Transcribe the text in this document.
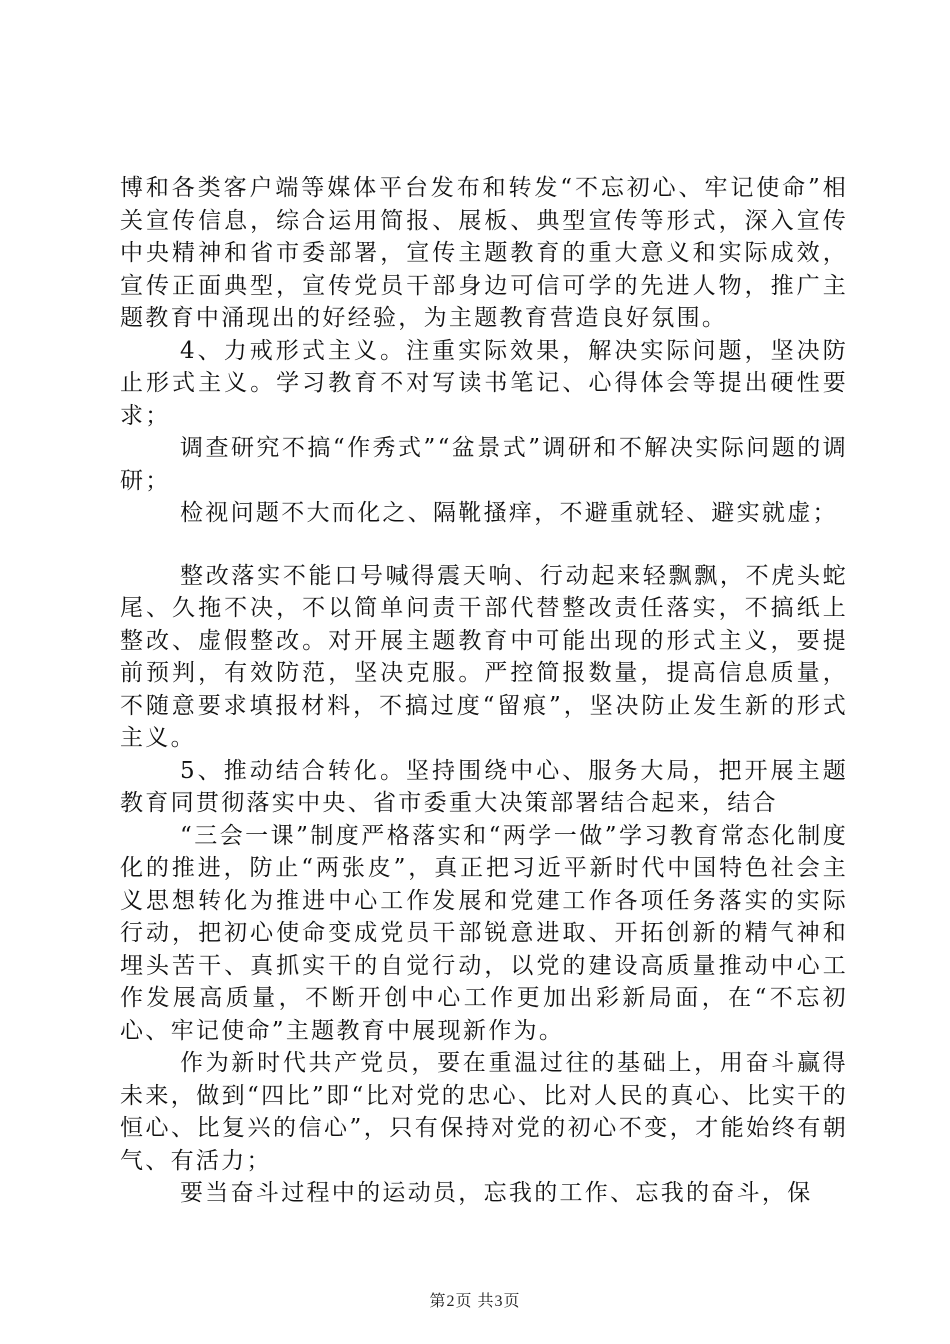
博和各类客户端等媒体平台发布和转发“不忘初心、牢记使命”相关宣传信息，综合运用简报、展板、典型宣传等形式，深入宣传中央精神和省市委部署，宣传主题教育的重大意义和实际成效，宣传正面典型，宣传党员干部身边可信可学的先进人物，推广主题教育中涌现出的好经验，为主题教育营造良好氛围。

4、力戒形式主义。注重实际效果，解决实际问题，坚决防止形式主义。学习教育不对写读书笔记、心得体会等提出硬性要求；

调查研究不搞“作秀式”“盆景式”调研和不解决实际问题的调研；

检视问题不大而化之、隔靴搔痒，不避重就轻、避实就虚；

整改落实不能口号喊得震天响、行动起来轻飘飘，不虎头蛇尾、久拖不决，不以简单问责干部代替整改责任落实，不搞纸上整改、虚假整改。对开展主题教育中可能出现的形式主义，要提前预判，有效防范，坚决克服。严控简报数量，提高信息质量，不随意要求填报材料，不搞过度“留痕”，坚决防止发生新的形式主义。

5、推动结合转化。坚持围绕中心、服务大局，把开展主题教育同贯彻落实中央、省市委重大决策部署结合起来，结合

“三会一课”制度严格落实和“两学一做”学习教育常态化制度化的推进，防止“两张皮”，真正把习近平新时代中国特色社会主义思想转化为推进中心工作发展和党建工作各项任务落实的实际行动，把初心使命变成党员干部锐意进取、开拓创新的精气神和埋头苦干、真抓实干的自觉行动，以党的建设高质量推动中心工作发展高质量，不断开创中心工作更加出彩新局面，在“不忘初心、牢记使命”主题教育中展现新作为。

作为新时代共产党员，要在重温过往的基础上，用奋斗赢得未来，做到“四比”即“比对党的忠心、比对人民的真心、比实干的恒心、比复兴的信心”，只有保持对党的初心不变，才能始终有朝气、有活力；

要当奋斗过程中的运动员，忘我的工作、忘我的奋斗，保

第2页 共3页
